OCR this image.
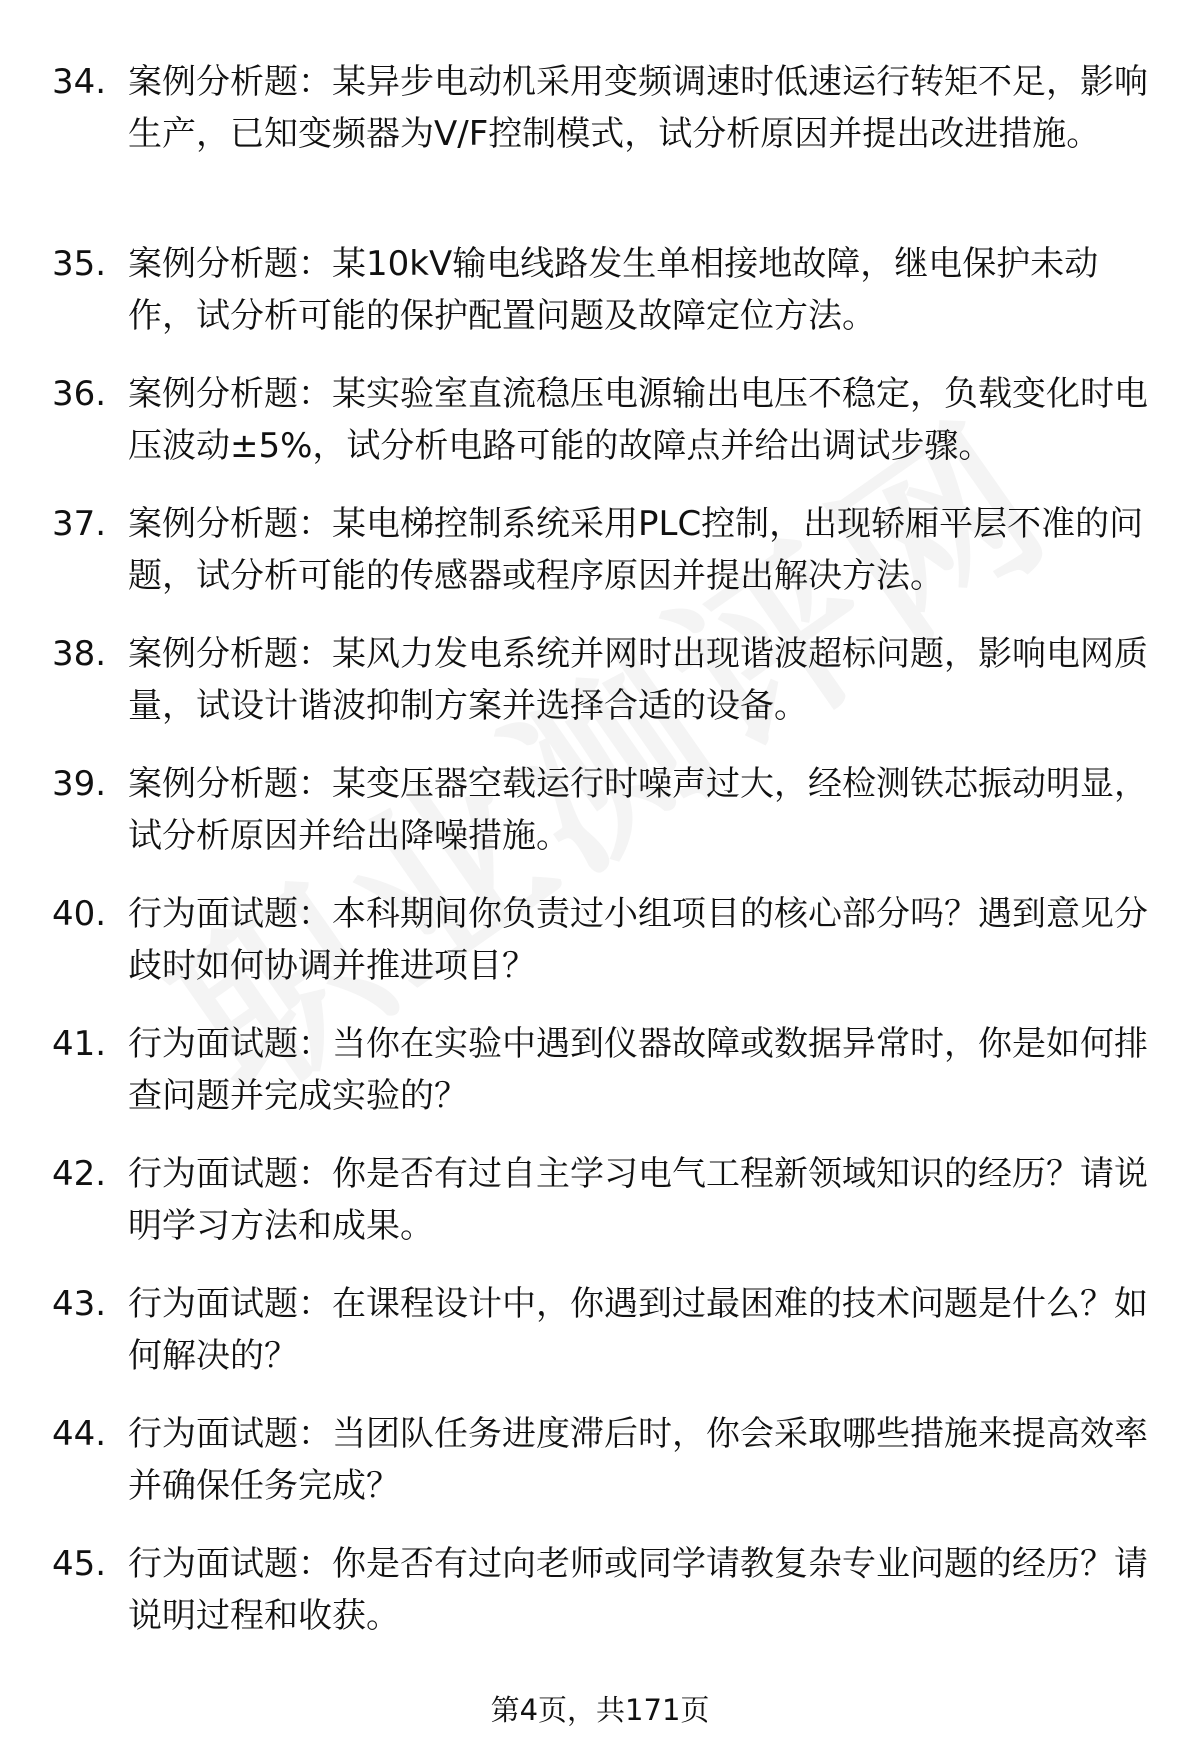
34. 案例分析题：某异步电动机采用变频调速时低速运行转矩不足，影响生产，已知变频器为V/F控制模式，试分析原因并提出改进措施。
35. 案例分析题：某10kV输电线路发生单相接地故障，继电保护未动作，试分析可能的保护配置问题及故障定位方法。
36. 案例分析题：某实验室直流稳压电源输出电压不稳定，负载变化时电压波动±5%，试分析电路可能的故障点并给出调试步骤。
37. 案例分析题：某电梯控制系统采用PLC控制，出现轿厢平层不准的问题，试分析可能的传感器或程序原因并提出解决方法。
38. 案例分析题：某风力发电系统并网时出现谐波超标问题，影响电网质量，试设计谐波抑制方案并选择合适的设备。
39. 案例分析题：某变压器空载运行时噪声过大，经检测铁芯振动明显，试分析原因并给出降噪措施。
40. 行为面试题：本科期间你负责过小组项目的核心部分吗？遇到意见分歧时如何协调并推进项目？
41. 行为面试题：当你在实验中遇到仪器故障或数据异常时，你是如何排查问题并完成实验的？
42. 行为面试题：你是否有过自主学习电气工程新领域知识的经历？请说明学习方法和成果。
43. 行为面试题：在课程设计中，你遇到过最困难的技术问题是什么？如何解决的？
44. 行为面试题：当团队任务进度滞后时，你会采取哪些措施来提高效率并确保任务完成？
45. 行为面试题：你是否有过向老师或同学请教复杂专业问题的经历？请说明过程和收获。
第4页，共171页
